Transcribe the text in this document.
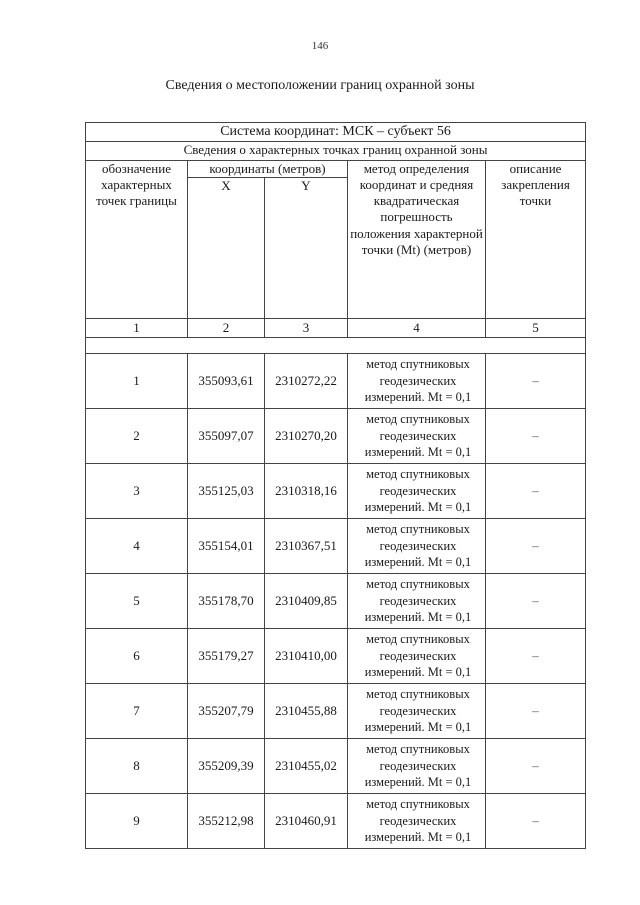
146
Сведения о местоположении границ охранной зоны
Система координат: МСК – субъект 56				
Сведения о характерных точках границ охранной зоны				

обозначение характерных точек границы	координаты (метров)		метод определения координат и средняя квадратическая погрешность положения характерной точки (Mt) (метров)	описание закрепления точки

	X	Y		
1	2	3	4	5

1	355093,61	2310272,22	метод спутниковых
геодезических
измерений. Mt = 0,1	–
2	355097,07	2310270,20	метод спутниковых
геодезических
измерений. Mt = 0,1	–
3	355125,03	2310318,16	метод спутниковых
геодезических
измерений. Mt = 0,1	–
4	355154,01	2310367,51	метод спутниковых
геодезических
измерений. Mt = 0,1	–
5	355178,70	2310409,85	метод спутниковых
геодезических
измерений. Mt = 0,1	–
6	355179,27	2310410,00	метод спутниковых
геодезических
измерений. Mt = 0,1	–
7	355207,79	2310455,88	метод спутниковых
геодезических
измерений. Mt = 0,1	–
8	355209,39	2310455,02	метод спутниковых
геодезических
измерений. Mt = 0,1	–
9	355212,98	2310460,91	метод спутниковых
геодезических
измерений. Mt = 0,1	–
